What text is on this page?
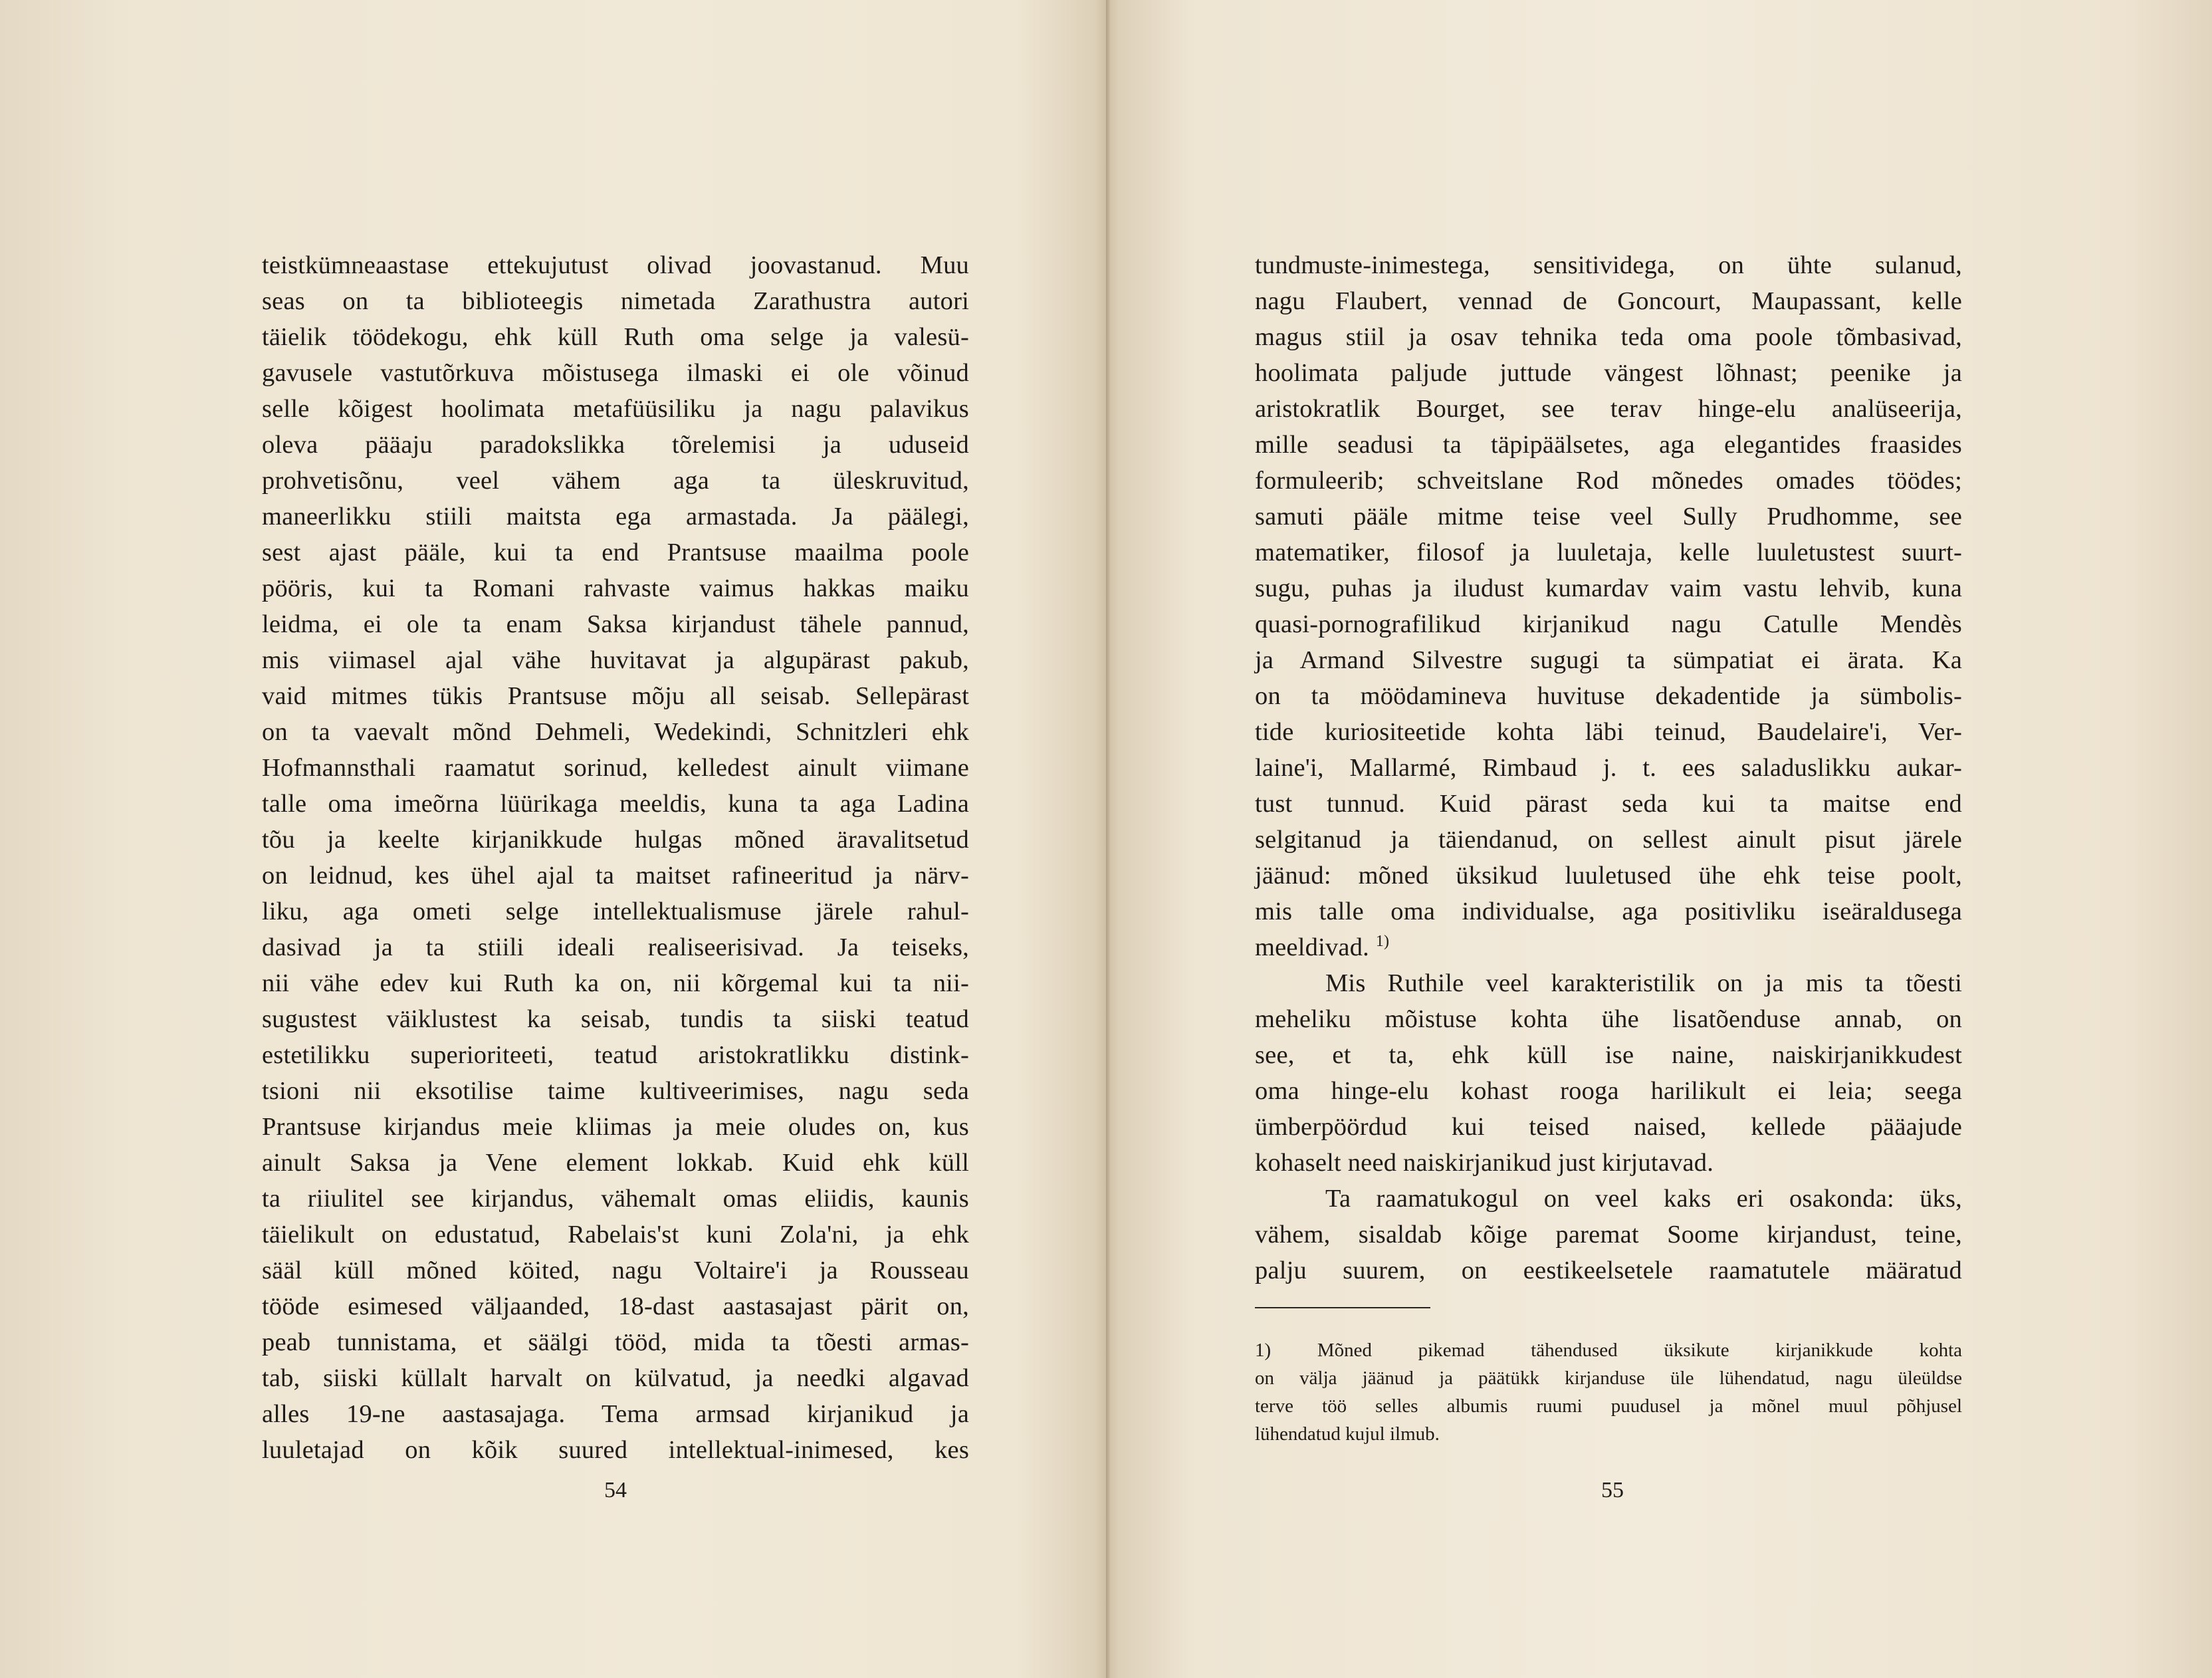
teistkümneaastase ettekujutust olivad joovastanud. Muu
seas on ta biblioteegis nimetada Zarathustra autori
täielik töödekogu, ehk küll Ruth oma selge ja valesü-
gavusele vastutõrkuva mõistusega ilmaski ei ole võinud
selle kõigest hoolimata metafüüsiliku ja nagu palavikus
oleva pääaju paradokslikka tõrelemisi ja uduseid
prohvetisõnu, veel vähem aga ta üleskruvitud,
maneerlikku stiili maitsta ega armastada. Ja päälegi,
sest ajast pääle, kui ta end Prantsuse maailma poole
pööris, kui ta Romani rahvaste vaimus hakkas maiku
leidma, ei ole ta enam Saksa kirjandust tähele pannud,
mis viimasel ajal vähe huvitavat ja algupärast pakub,
vaid mitmes tükis Prantsuse mõju all seisab. Sellepärast
on ta vaevalt mõnd Dehmeli, Wedekindi, Schnitzleri ehk
Hofmannsthali raamatut sorinud, kelledest ainult viimane
talle oma imeõrna lüürikaga meeldis, kuna ta aga Ladina
tõu ja keelte kirjanikkude hulgas mõned äravalitsetud
on leidnud, kes ühel ajal ta maitset rafineeritud ja närv-
liku, aga ometi selge intellektualismuse järele rahul-
dasivad ja ta stiili ideali realiseerisivad. Ja teiseks,
nii vähe edev kui Ruth ka on, nii kõrgemal kui ta nii-
sugustest väiklustest ka seisab, tundis ta siiski teatud
estetilikku superioriteeti, teatud aristokratlikku distink-
tsioni nii eksotilise taime kultiveerimises, nagu seda
Prantsuse kirjandus meie kliimas ja meie oludes on, kus
ainult Saksa ja Vene element lokkab. Kuid ehk küll
ta riiulitel see kirjandus, vähemalt omas eliidis, kaunis
täielikult on edustatud, Rabelais'st kuni Zola'ni, ja ehk
sääl küll mõned köited, nagu Voltaire'i ja Rousseau
tööde esimesed väljaanded, 18-dast aastasajast pärit on,
peab tunnistama, et säälgi tööd, mida ta tõesti armas-
tab, siiski küllalt harvalt on külvatud, ja needki algavad
alles 19-ne aastasajaga. Tema armsad kirjanikud ja
luuletajad on kõik suured intellektual-inimesed, kes
54
tundmuste-inimestega, sensitividega, on ühte sulanud,
nagu Flaubert, vennad de Goncourt, Maupassant, kelle
magus stiil ja osav tehnika teda oma poole tõmbasivad,
hoolimata paljude juttude vängest lõhnast; peenike ja
aristokratlik Bourget, see terav hinge-elu analüseerija,
mille seadusi ta täpipäälsetes, aga elegantides fraasides
formuleerib; schveitslane Rod mõnedes omades töödes;
samuti pääle mitme teise veel Sully Prudhomme, see
matematiker, filosof ja luuletaja, kelle luuletustest suurt-
sugu, puhas ja iludust kumardav vaim vastu lehvib, kuna
quasi-pornografilikud kirjanikud nagu Catulle Mendès
ja Armand Silvestre sugugi ta sümpatiat ei ärata. Ka
on ta möödamineva huvituse dekadentide ja sümbolis-
tide kuriositeetide kohta läbi teinud, Baudelaire'i, Ver-
laine'i, Mallarmé, Rimbaud j. t. ees saladuslikku aukar-
tust tunnud. Kuid pärast seda kui ta maitse end
selgitanud ja täiendanud, on sellest ainult pisut järele
jäänud: mõned üksikud luuletused ühe ehk teise poolt,
mis talle oma individualse, aga positivliku iseäraldusega
meeldivad. $^{1)}$
Mis Ruthile veel karakteristilik on ja mis ta tõesti
meheliku mõistuse kohta ühe lisatõenduse annab, on
see, et ta, ehk küll ise naine, naiskirjanikkudest
oma hinge-elu kohast rooga harilikult ei leia; seega
ümberpöördud kui teised naised, kellede pääajude
kohaselt need naiskirjanikud just kirjutavad.
Ta raamatukogul on veel kaks eri osakonda: üks,
vähem, sisaldab kõige paremat Soome kirjandust, teine,
palju suurem, on eestikeelsetele raamatutele määratud
1) Mõned pikemad tähendused üksikute kirjanikkude kohta
on välja jäänud ja päätükk kirjanduse üle lühendatud, nagu üleüldse
terve töö selles albumis ruumi puudusel ja mõnel muul põhjusel
lühendatud kujul ilmub.
55
